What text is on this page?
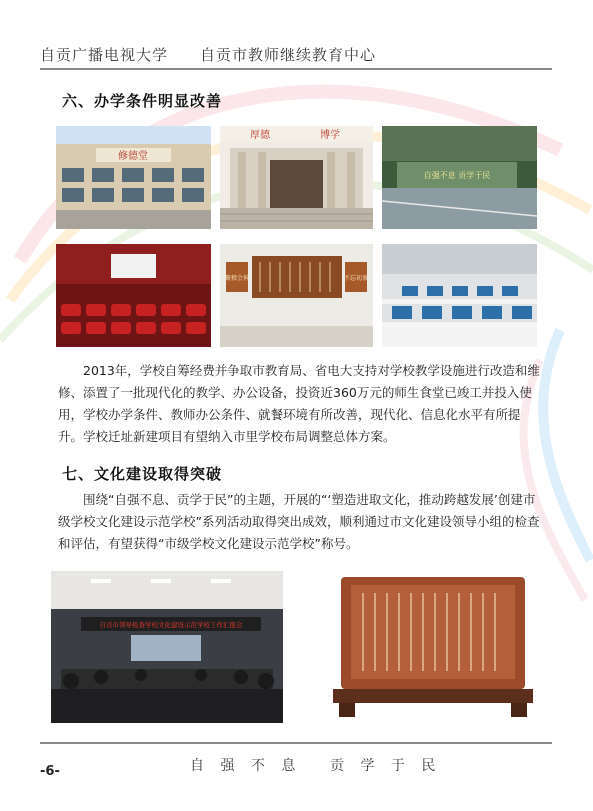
自贡广播电视大学 自贡市教师继续教育中心
六、办学条件明显改善
修德堂
厚德	博学
自强不息 贡学于民
聚精会神	不忘初衷

2013年，学校自筹经费并争取市教育局、省电大支持对学校教学设施进行改造和维修、添置了一批现代化的教学、办公设备，投资近360万元的师生食堂已竣工并投入使用，学校办学条件、教师办公条件、就餐环境有所改善，现代化、信息化水平有所提升。学校迁址新建项目有望纳入市里学校布局调整总体方案。

七、文化建设取得突破

围绕“自强不息、贡学于民”的主题，开展的“‘塑造进取文化，推动跨越发展’创建市级学校文化建设示范学校”系列活动取得突出成效，顺利通过市文化建设领导小组的检查和评估，有望获得“市级学校文化建设示范学校”称号。

自贡市领导检查学校文化建设示范学校工作汇报会
自 强 不 息 贡 学 于 民
-6-
